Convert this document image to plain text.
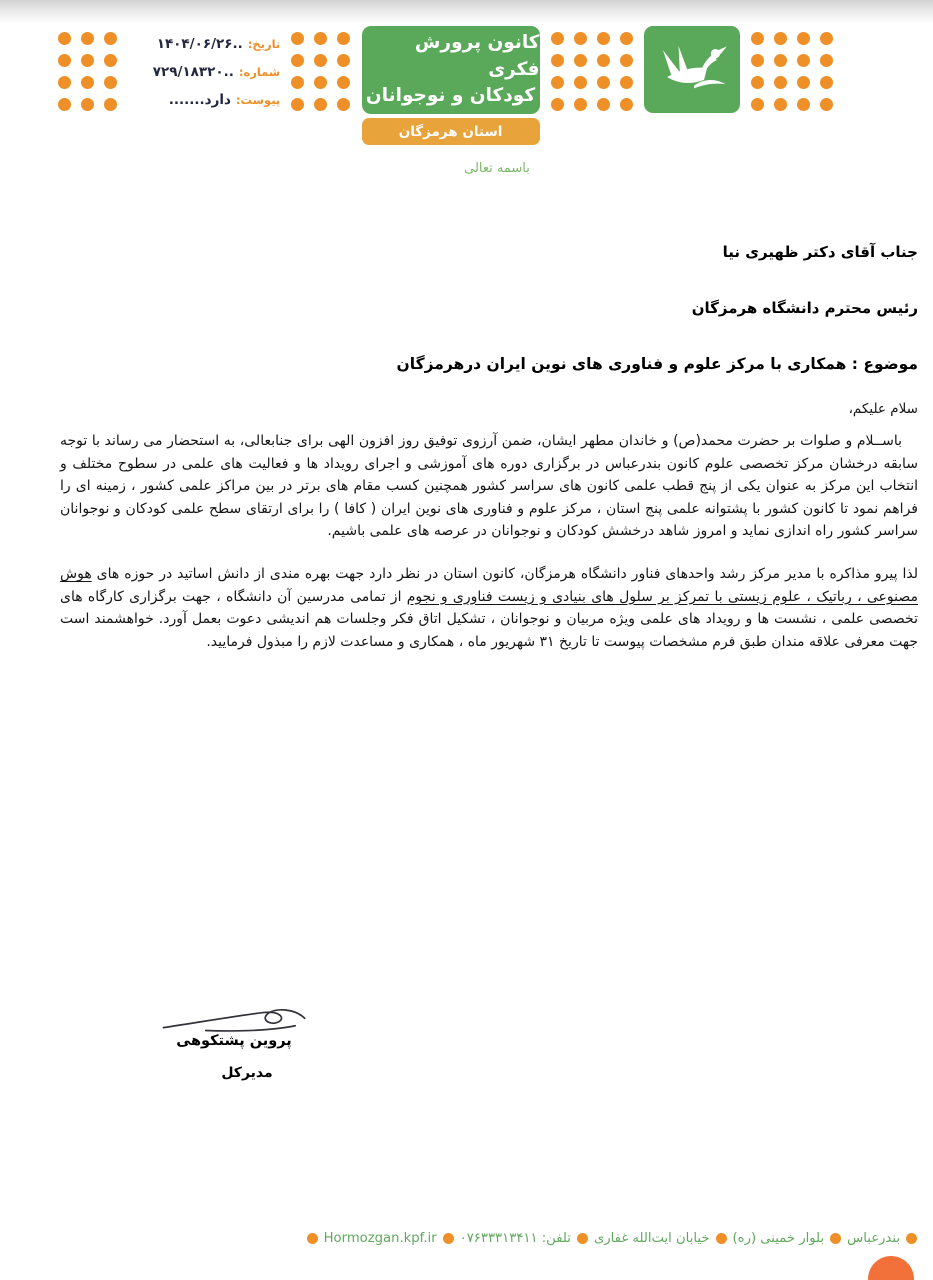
کانون پرورش فکری
کودکان و نوجوانان
استان هرمزگان
تاریخ:
..۱۴۰۴/۰۶/۲۶
شماره:
..۷۲۹/۱۸۳۲۰
پیوست:
دارد.......
باسمه تعالی
جناب آقای دکتر ظهیری نیا
رئیس محترم دانشگاه هرمزگان
موضوع : همکاری با مرکز علوم و فناوری های نوین ایران درهرمزگان
سلام علیکم،
باســلام و صلوات بر حضرت محمد(ص) و خاندان مطهر ایشان، ضمن آرزوی توفیق روز افزون الهی برای جنابعالی، به استحضار می رساند با توجه سابقه درخشان مرکز تخصصی علوم کانون بندرعباس در برگزاری دوره های آموزشی و اجرای رویداد ها و فعالیت های علمی در سطوح مختلف و انتخاب این مرکز به عنوان یکی از پنج قطب علمی کانون های سراسر کشور همچنین کسب مقام های برتر در بین مراکز علمی کشور ، زمینه ای را فراهم نمود تا کانون کشور با پشتوانه علمی پنج استان ، مرکز علوم و فناوری های نوین ایران ( کافا ) را برای ارتقای سطح علمی کودکان و نوجوانان سراسر کشور راه اندازی نماید و امروز شاهد درخشش کودکان و نوجوانان در عرصه های علمی باشیم.
لذا پیرو مذاکره با مدیر مرکز رشد واحدهای فناور دانشگاه هرمزگان، کانون استان در نظر دارد جهت بهره مندی از دانش اساتید در حوزه های هوش مصنوعی ، رباتیک ، علوم زیستی با تمرکز بر سلول های بنیادی و زیست فناوری و نجوم از تمامی مدرسین آن دانشگاه ، جهت برگزاری کارگاه های تخصصی علمی ، نشست ها و رویداد های علمی ویژه مربیان و نوجوانان ، تشکیل اتاق فکر وجلسات هم اندیشی دعوت بعمل آورد. خواهشمند است جهت معرفی علاقه مندان طبق فرم مشخصات پیوست تا تاریخ ۳۱ شهریور ماه ، همکاری و مساعدت لازم را مبذول فرمایید.
پروین پشتکوهی
مدیرکل
بندرعباس
بلوار خمینی (ره)
خیابان ایت‌الله غفاری
تلفن: ۰۷۶۳۳۳۱۳۴۱۱
Hormozgan.kpf.ir
